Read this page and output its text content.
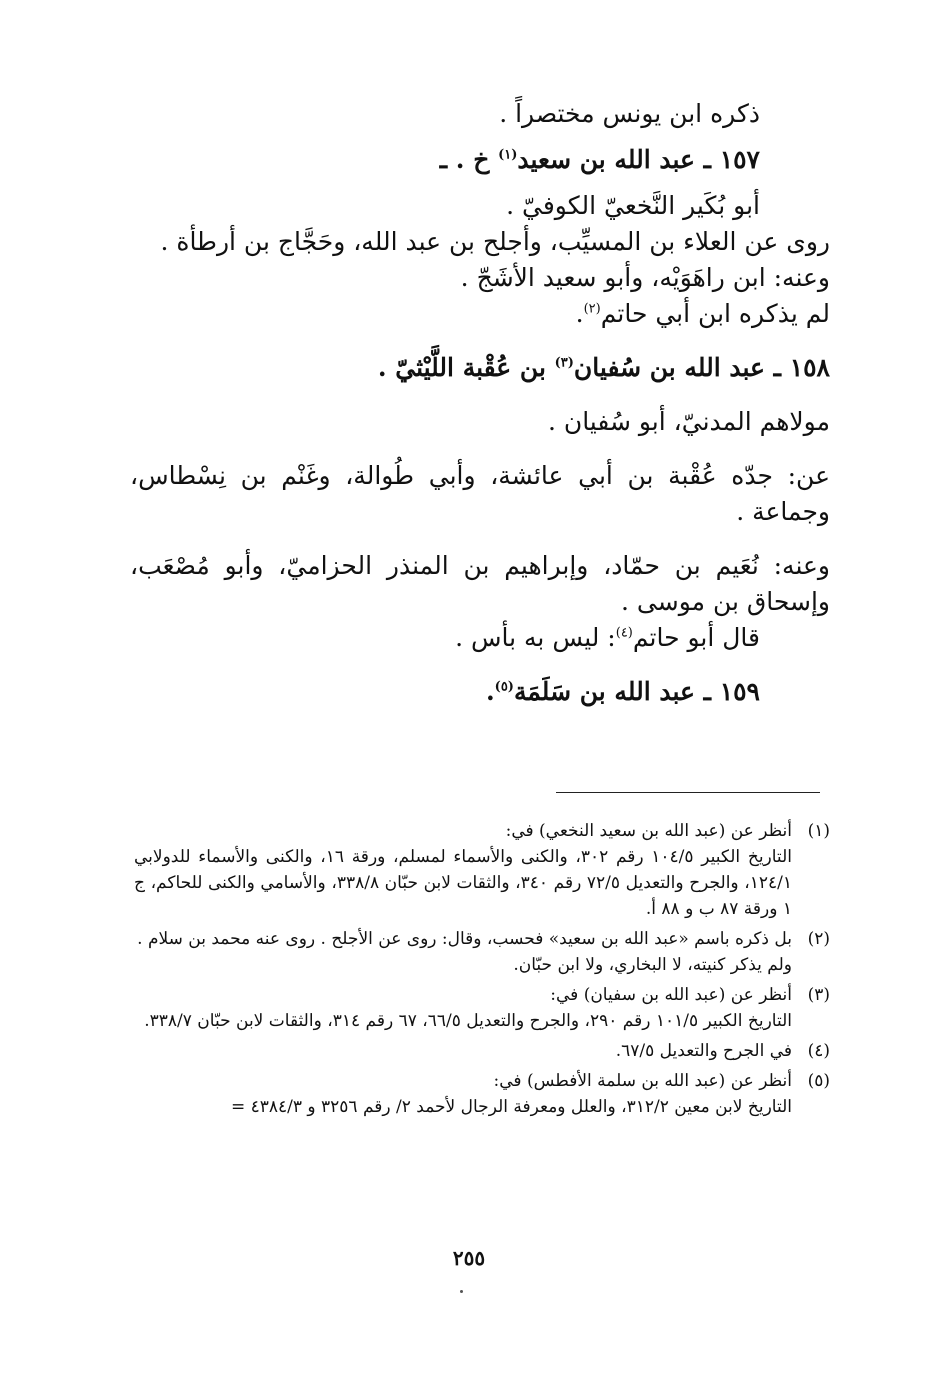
ذكره ابن يونس مختصراً .

١٥٧ ـ عبد الله بن سعيد$^{(١)}$ خ . ـ

أبو بُكَير النَّخعيّ الكوفيّ .

روى عن العلاء بن المسيِّب، وأجلح بن عبد الله، وحَجَّاج بن أرطأة .

وعنه: ابن راهَوَيْه، وأبو سعيد الأشَجّ .

لم يذكره ابن أبي حاتم$^{(٢)}$.

١٥٨ ـ عبد الله بن سُفيان$^{(٣)}$ بن عُقْبة اللَّيْثيّ .

مولاهم المدنيّ، أبو سُفيان .

عن: جدّه عُقْبة بن أبي عائشة، وأبي طُوالة، وغَنْم بن نِسْطاس، وجماعة .

وعنه: نُعَيم بن حمّاد، وإبراهيم بن المنذر الحزاميّ، وأبو مُصْعَب، وإسحاق بن موسى .

قال أبو حاتم$^{(٤)}$: ليس به بأس .

١٥٩ ـ عبد الله بن سَلَمَة$^{(٥)}$.

(١)

أنظر عن (عبد الله بن سعيد النخعي) في:

التاريخ الكبير ١٠٤/٥ رقم ٣٠٢، والكنى والأسماء لمسلم، ورقة ١٦، والكنى والأسماء للدولابي ١٢٤/١، والجرح والتعديل ٧٢/٥ رقم ٣٤٠، والثقات لابن حبّان ٣٣٨/٨، والأسامي والكنى للحاكم، ج ١ ورقة ٨٧ ب و ٨٨ أ.

(٢)

بل ذكره باسم «عبد الله بن سعيد» فحسب، وقال: روى عن الأجلح . روى عنه محمد بن سلام .

ولم يذكر كنيته، لا البخاري، ولا ابن حبّان.

(٣)

أنظر عن (عبد الله بن سفيان) في:

التاريخ الكبير ١٠١/٥ رقم ٢٩٠، والجرح والتعديل ٦٦/٥، ٦٧ رقم ٣١٤، والثقات لابن حبّان ٣٣٨/٧.

(٤)

في الجرح والتعديل ٦٧/٥.

(٥)

أنظر عن (عبد الله بن سلمة الأفطس) في:

التاريخ لابن معين ٣١٢/٢، والعلل ومعرفة الرجال لأحمد ٢/ رقم ٣٢٥٦ و ٤٣٨٤/٣ =

٢٥٥
